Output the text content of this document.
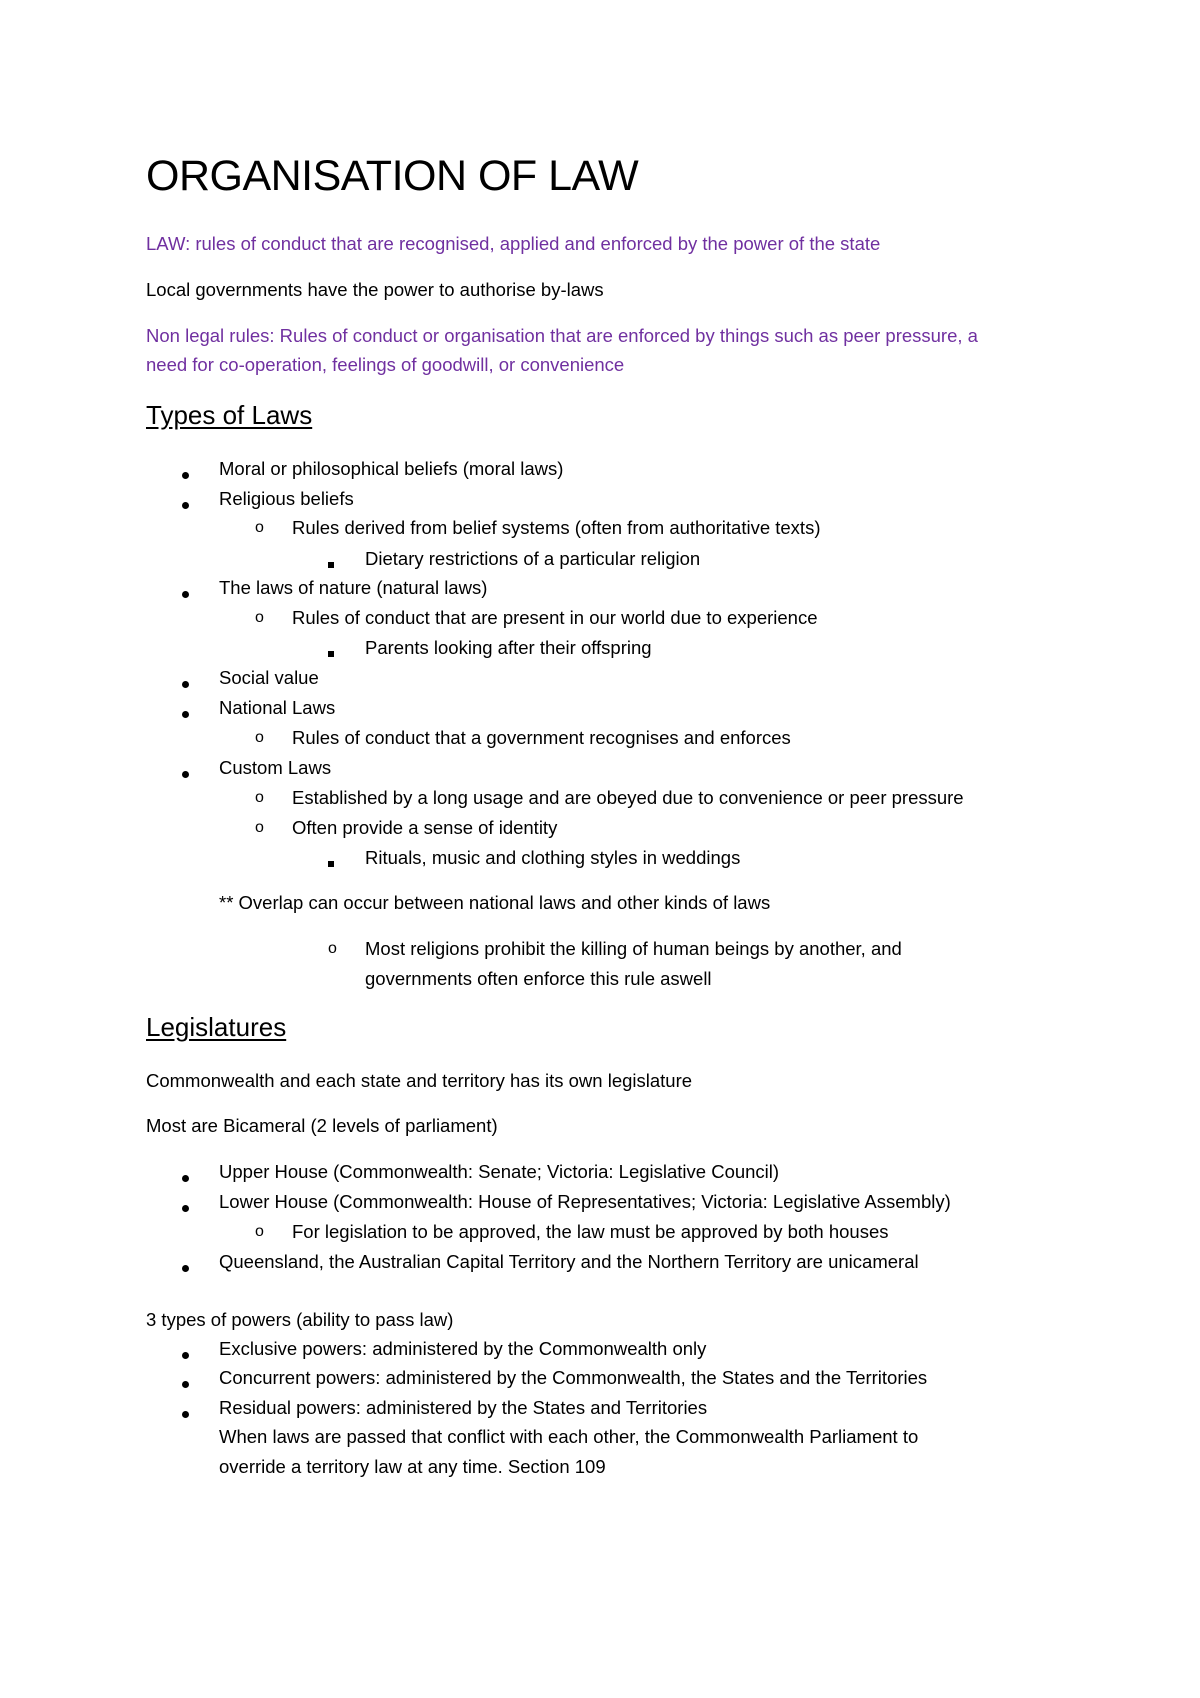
ORGANISATION OF LAW

LAW: rules of conduct that are recognised, applied and enforced by the power of the state

Local governments have the power to authorise by-laws

Non legal rules: Rules of conduct or organisation that are enforced by things such as peer pressure, a

need for co-operation, feelings of goodwill, or convenience

Types of Laws

Moral or philosophical beliefs (moral laws)

Religious beliefs

o Rules derived from belief systems (often from authoritative texts)

Dietary restrictions of a particular religion

The laws of nature (natural laws)

o Rules of conduct that are present in our world due to experience

Parents looking after their offspring

Social value

National Laws

o Rules of conduct that a government recognises and enforces

Custom Laws

o Established by a long usage and are obeyed due to convenience or peer pressure

o Often provide a sense of identity

Rituals, music and clothing styles in weddings

** Overlap can occur between national laws and other kinds of laws

o Most religions prohibit the killing of human beings by another, and

governments often enforce this rule aswell

Legislatures

Commonwealth and each state and territory has its own legislature

Most are Bicameral (2 levels of parliament)

Upper House (Commonwealth: Senate; Victoria: Legislative Council)

Lower House (Commonwealth: House of Representatives; Victoria: Legislative Assembly)

o For legislation to be approved, the law must be approved by both houses

Queensland, the Australian Capital Territory and the Northern Territory are unicameral

3 types of powers (ability to pass law)

Exclusive powers: administered by the Commonwealth only

Concurrent powers: administered by the Commonwealth, the States and the Territories

Residual powers: administered by the States and Territories

When laws are passed that conflict with each other, the Commonwealth Parliament to

override a territory law at any time. Section 109
